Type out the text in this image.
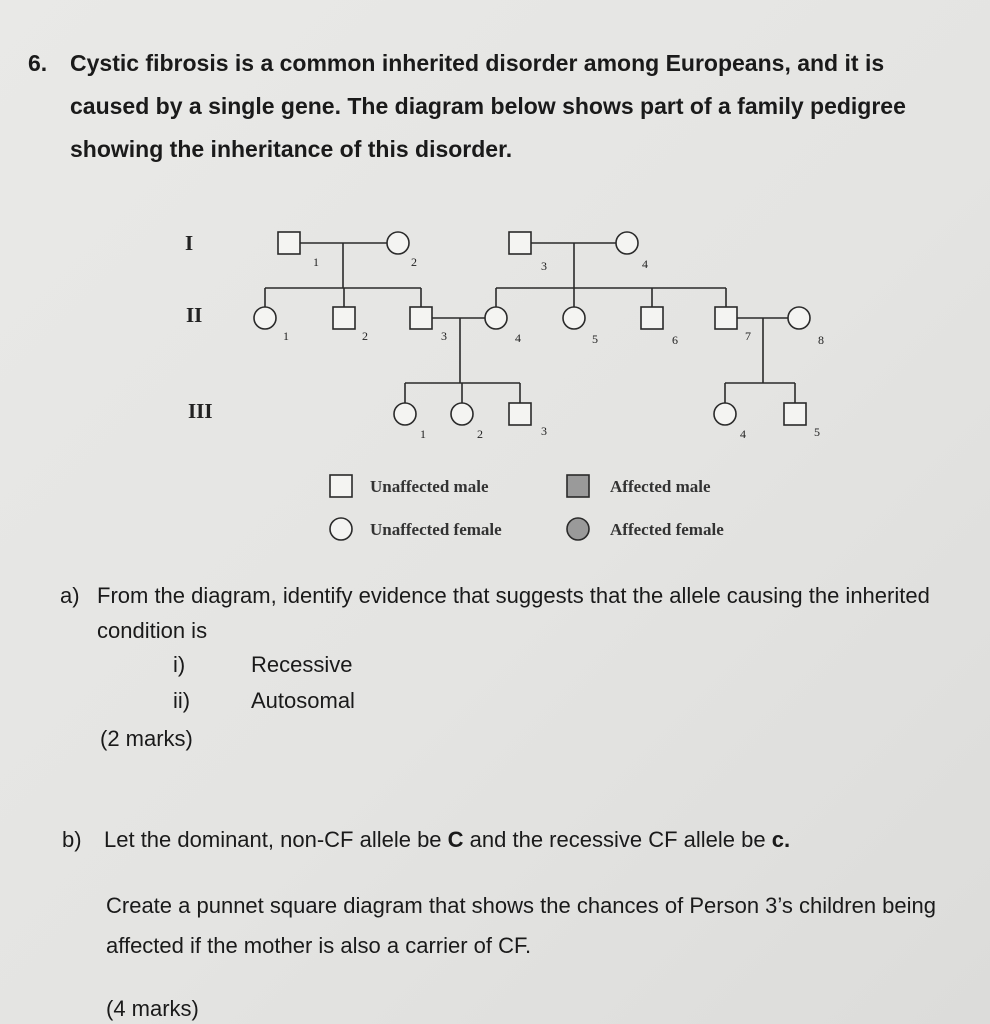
6. Cystic fibrosis is a common inherited disorder among Europeans, and it is caused by a single gene. The diagram below shows part of a family pedigree showing the inheritance of this disorder.
I
II
III
1	2	3	4
1	2	3	4	5	6	7	8
1	2	3	4	5
Unaffected male	Affected male
Unaffected female	Affected female
a) From the diagram, identify evidence that suggests that the allele causing the inherited condition is
i)	Recessive
ii)	Autosomal
(2 marks)
b)	Let the dominant, non-CF allele be C and the recessive CF allele be c.
Create a punnet square diagram that shows the chances of Person 3’s children being affected if the mother is also a carrier of CF.
(4 marks)
